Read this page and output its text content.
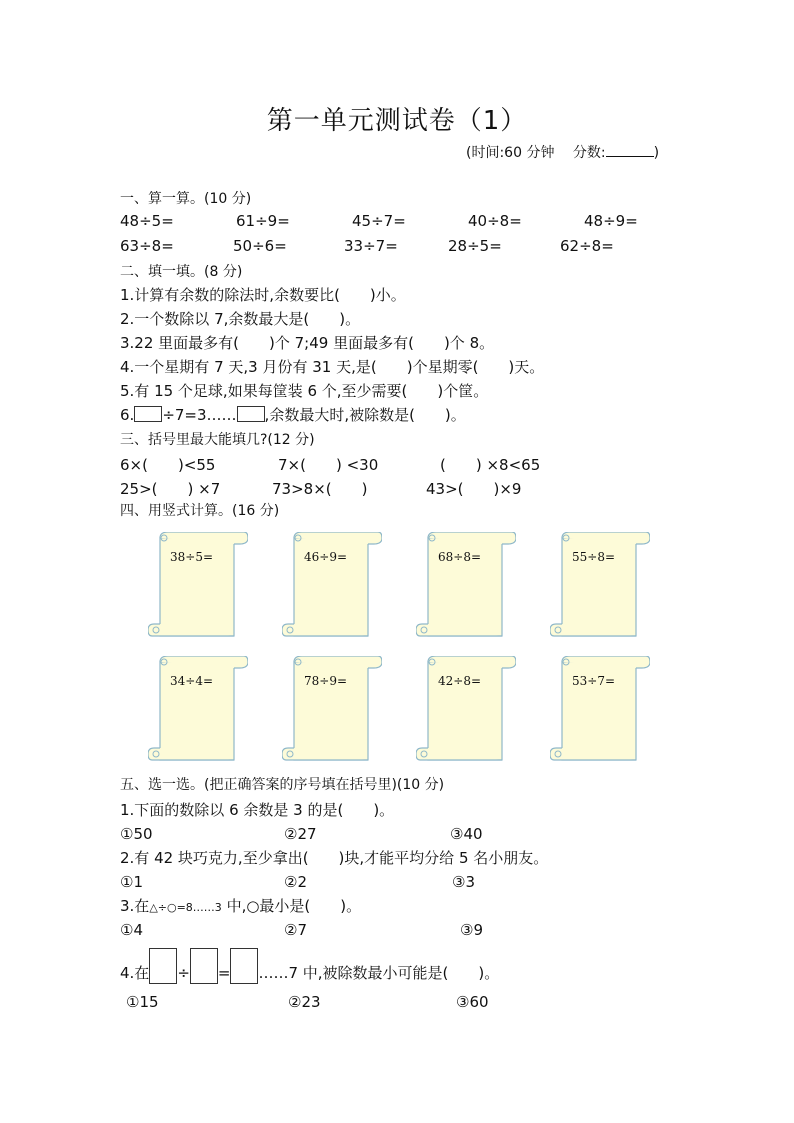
第一单元测试卷（1）
(时间:60 分钟 分数:	)
一、算一算。(10 分)
48÷5=	61÷9=	45÷7=	40÷8=	48÷9=
63÷8=	50÷6=	33÷7=	28÷5=	62÷8=
二、填一填。(8 分)
1.计算有余数的除法时,余数要比(　　)小。
2.一个数除以 7,余数最大是(　　)。
3.22 里面最多有(　　)个 7;49 里面最多有(　　)个 8。
4.一个星期有 7 天,3 月份有 31 天,是(　　)个星期零(　　)天。
5.有 15 个足球,如果每筐装 6 个,至少需要(　　)个筐。
6. ÷7=3…… ,余数最大时,被除数是(　　)。
三、括号里最大能填几?(12 分)
6×(　　)<55	7×(　　) <30	(　　) ×8<65
25>(　　) ×7	73>8×(　　)	43>(　　)×9
四、用竖式计算。(16 分)
38÷5=	46÷9=	68÷8=	55÷8=
34÷4=	78÷9=	42÷8=	53÷7=
五、选一选。(把正确答案的序号填在括号里)(10 分)
1.下面的数除以 6 余数是 3 的是(　　)。
①50	②27	③40
2.有 42 块巧克力,至少拿出(　　)块,才能平均分给 5 名小朋友。
①1	②2	③3
3.在△÷○=8……3 中,○最小是(　　)。
①4	②7	③9
4.在 ÷ = ……7 中,被除数最小可能是(　　)。
①15	②23	③60
